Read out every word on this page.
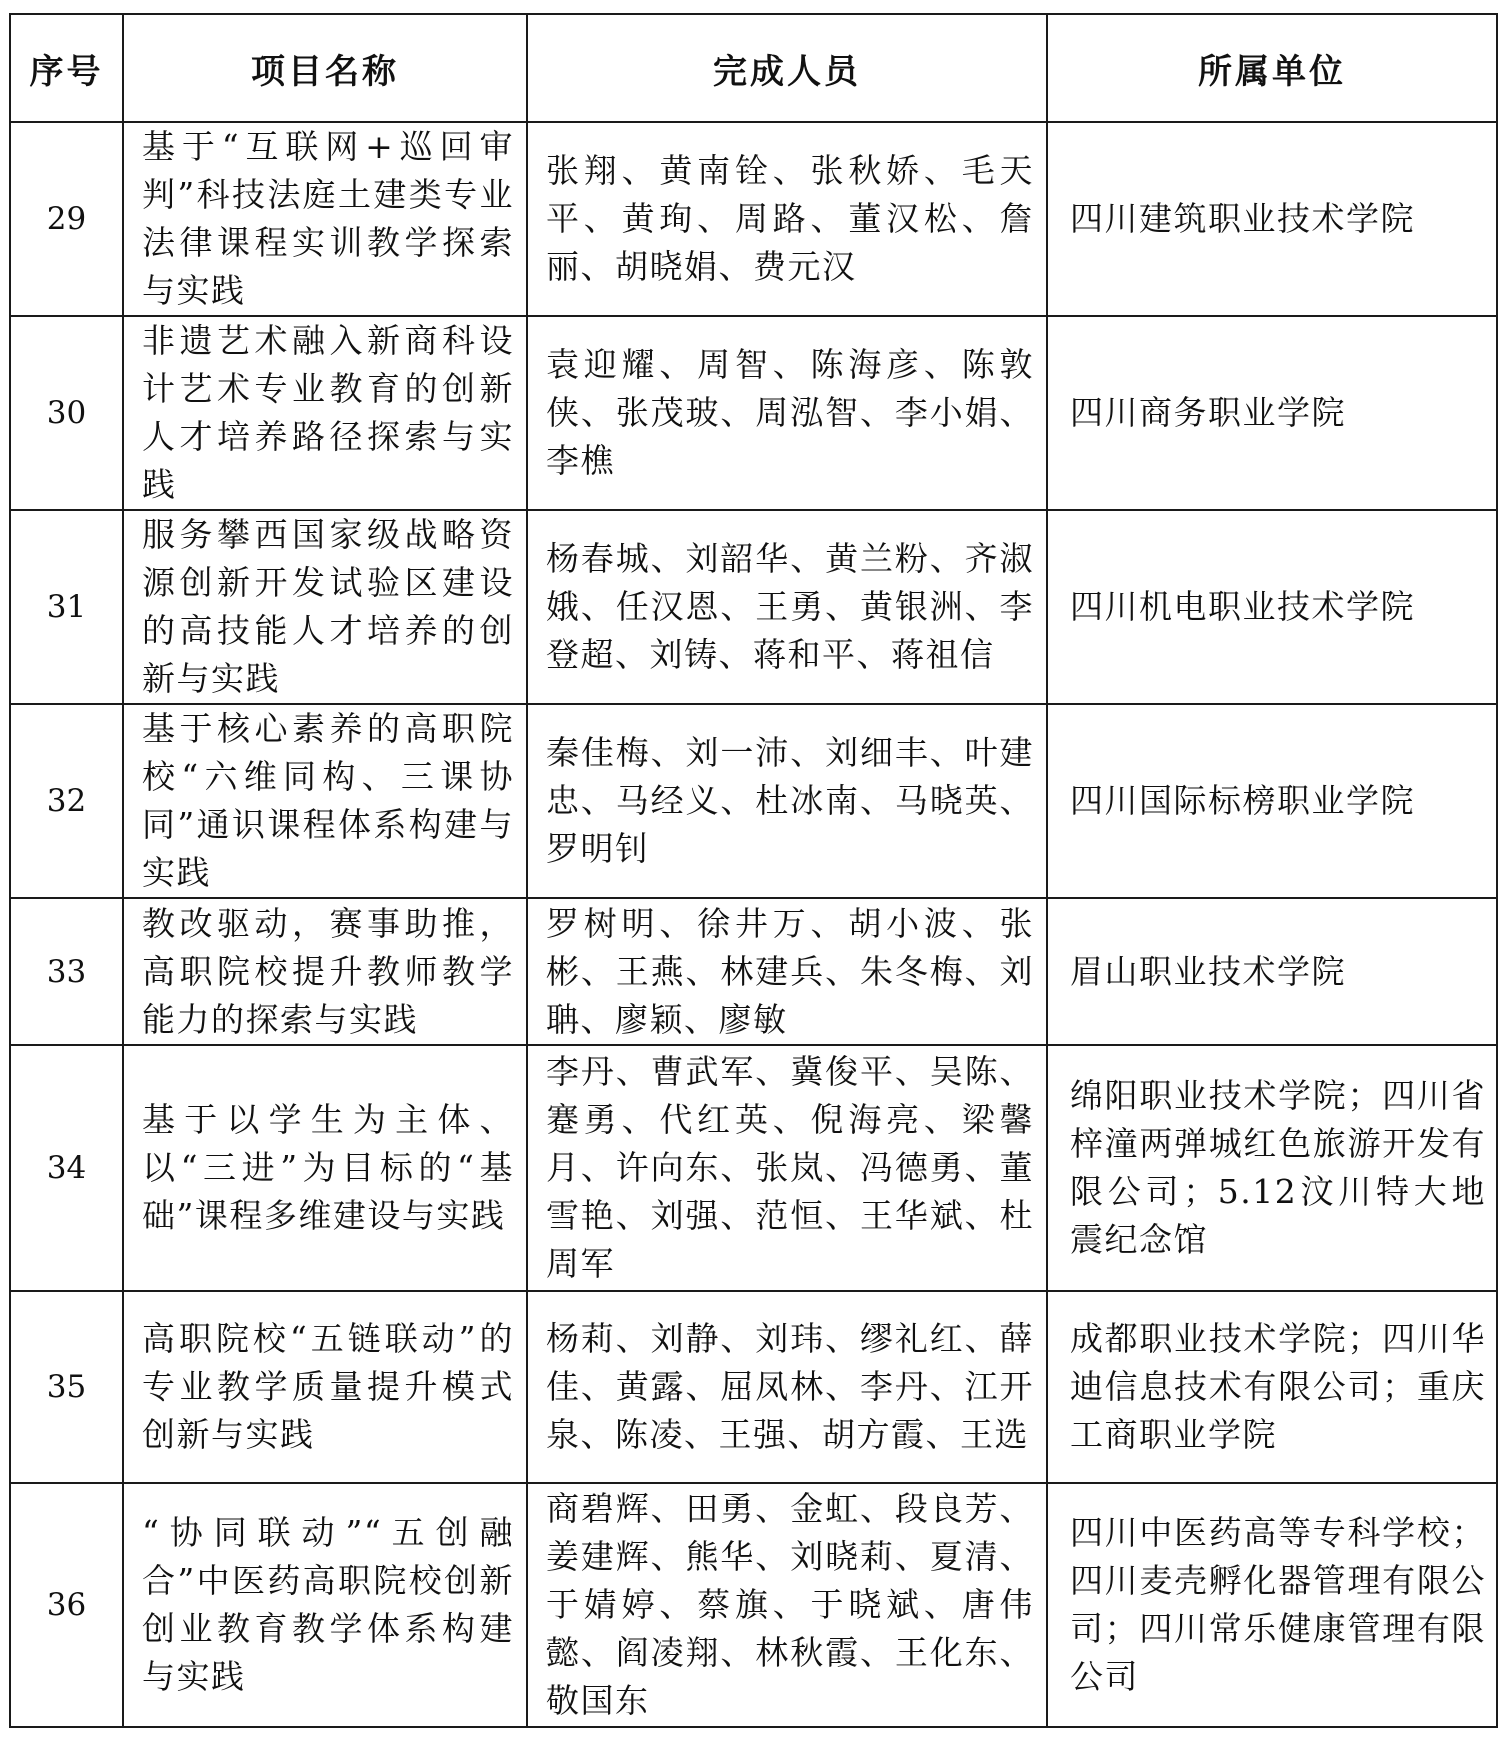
序号	项目名称	完成人员	所属单位
29	基于“互联网+巡回审判”科技法庭土建类专业法律课程实训教学探索与实践	张翔、黄南铨、张秋娇、毛天平、黄珣、周路、董汉松、詹丽、胡晓娟、费元汉	四川建筑职业技术学院
30	非遗艺术融入新商科设计艺术专业教育的创新人才培养路径探索与实践	袁迎耀、周智、陈海彦、陈敦侠、张茂玻、周泓智、李小娟、李樵	四川商务职业学院
31	服务攀西国家级战略资源创新开发试验区建设的高技能人才培养的创新与实践	杨春城、刘韶华、黄兰粉、齐淑娥、任汉恩、王勇、黄银洲、李登超、刘铸、蒋和平、蒋祖信	四川机电职业技术学院
32	基于核心素养的高职院校“六维同构、三课协同”通识课程体系构建与实践	秦佳梅、刘一沛、刘细丰、叶建忠、马经义、杜冰南、马晓英、罗明钊	四川国际标榜职业学院
33	教改驱动，赛事助推，高职院校提升教师教学能力的探索与实践	罗树明、徐井万、胡小波、张彬、王燕、林建兵、朱冬梅、刘聃、廖颖、廖敏	眉山职业技术学院
34	基于以学生为主体、以“三进”为目标的“基础”课程多维建设与实践	李丹、曹武军、冀俊平、吴陈、蹇勇、代红英、倪海亮、梁馨月、许向东、张岚、冯德勇、董雪艳、刘强、范恒、王华斌、杜周军	绵阳职业技术学院；四川省梓潼两弹城红色旅游开发有限公司；5.12汶川特大地震纪念馆
35	高职院校“五链联动”的专业教学质量提升模式创新与实践	杨莉、刘静、刘玮、缪礼红、薛佳、黄露、屈凤林、李丹、江开泉、陈凌、王强、胡方霞、王选	成都职业技术学院；四川华迪信息技术有限公司；重庆工商职业学院
36	“协同联动”“五创融合”中医药高职院校创新创业教育教学体系构建与实践	商碧辉、田勇、金虹、段良芳、姜建辉、熊华、刘晓莉、夏清、于婧婷、蔡旗、于晓斌、唐伟懿、阎凌翔、林秋霞、王化东、敬国东	四川中医药高等专科学校；四川麦壳孵化器管理有限公司；四川常乐健康管理有限公司
